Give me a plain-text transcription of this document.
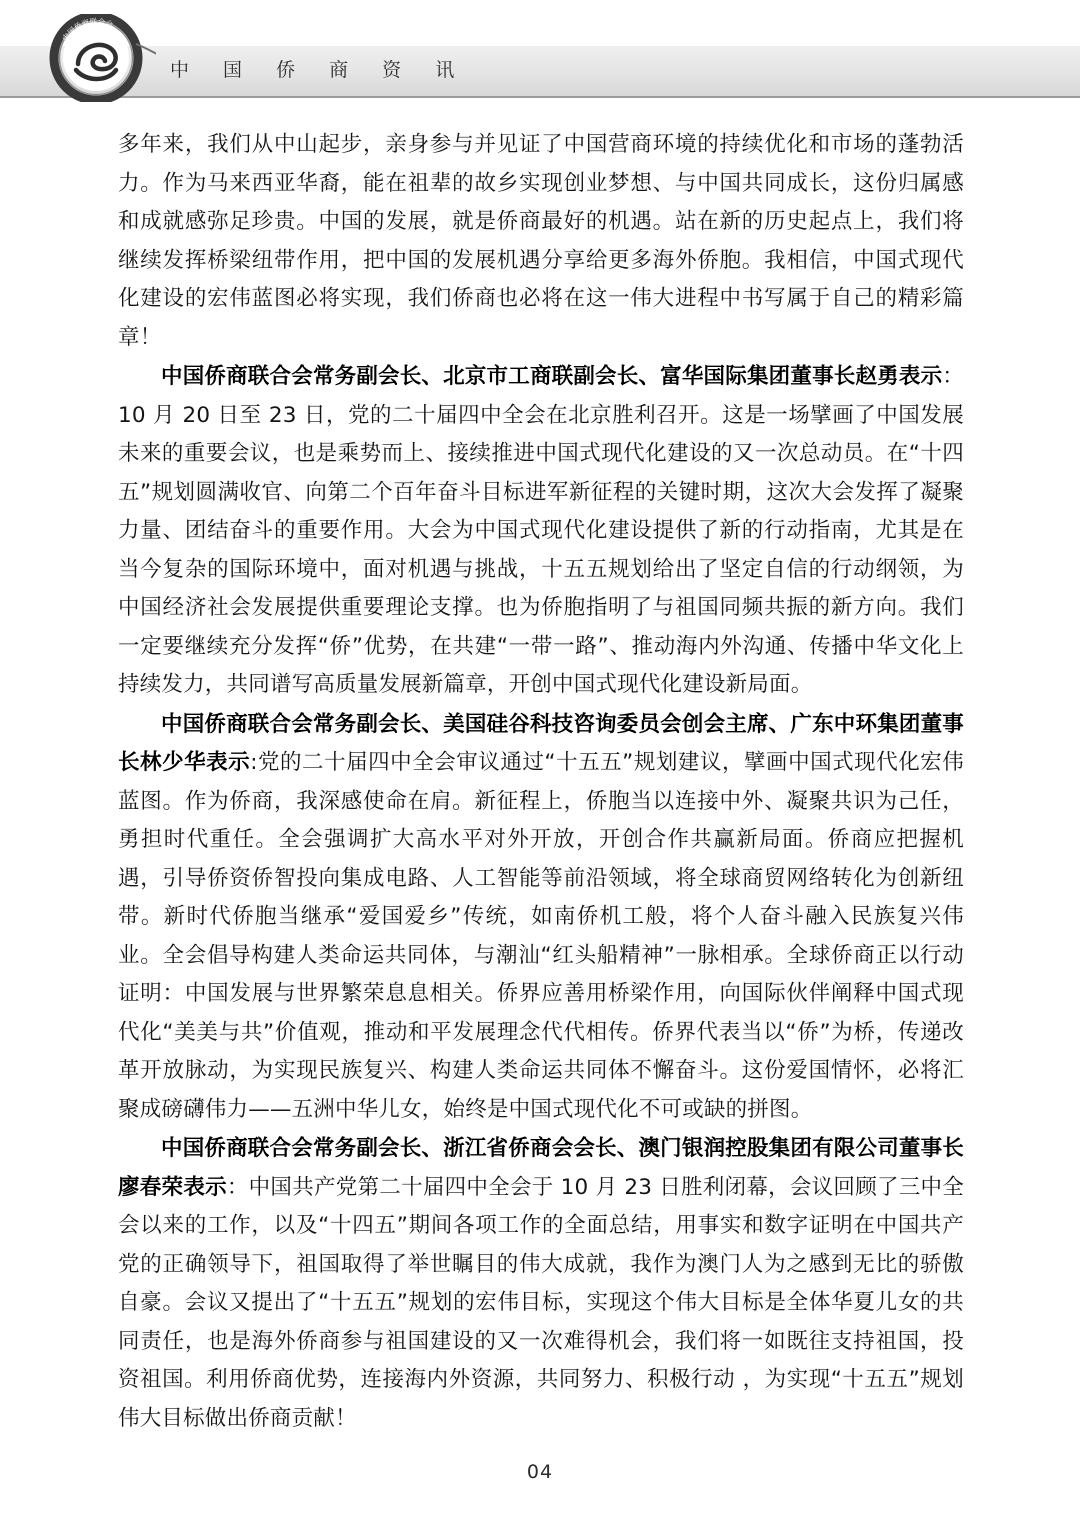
中国侨商联合会
中 国 侨 商 资 讯

多年来，我们从中山起步，亲身参与并见证了中国营商环境的持续优化和市场的蓬勃活力。作为马来西亚华裔，能在祖辈的故乡实现创业梦想、与中国共同成长，这份归属感和成就感弥足珍贵。中国的发展，就是侨商最好的机遇。站在新的历史起点上，我们将继续发挥桥梁纽带作用，把中国的发展机遇分享给更多海外侨胞。我相信，中国式现代化建设的宏伟蓝图必将实现，我们侨商也必将在这一伟大进程中书写属于自己的精彩篇章！

中国侨商联合会常务副会长、北京市工商联副会长、富华国际集团董事长赵勇表示：10 月 20 日至 23 日，党的二十届四中全会在北京胜利召开。这是一场擘画了中国发展未来的重要会议，也是乘势而上、接续推进中国式现代化建设的又一次总动员。在“十四五”规划圆满收官、向第二个百年奋斗目标进军新征程的关键时期，这次大会发挥了凝聚力量、团结奋斗的重要作用。大会为中国式现代化建设提供了新的行动指南，尤其是在当今复杂的国际环境中，面对机遇与挑战，十五五规划给出了坚定自信的行动纲领，为中国经济社会发展提供重要理论支撑。也为侨胞指明了与祖国同频共振的新方向。我们一定要继续充分发挥“侨”优势，在共建“一带一路”、推动海内外沟通、传播中华文化上持续发力，共同谱写高质量发展新篇章，开创中国式现代化建设新局面。

中国侨商联合会常务副会长、美国硅谷科技咨询委员会创会主席、广东中环集团董事长林少华表示:党的二十届四中全会审议通过“十五五”规划建议，擘画中国式现代化宏伟蓝图。作为侨商，我深感使命在肩。新征程上，侨胞当以连接中外、凝聚共识为己任，勇担时代重任。全会强调扩大高水平对外开放，开创合作共赢新局面。侨商应把握机遇，引导侨资侨智投向集成电路、人工智能等前沿领域，将全球商贸网络转化为创新纽带。新时代侨胞当继承“爱国爱乡”传统，如南侨机工般，将个人奋斗融入民族复兴伟业。全会倡导构建人类命运共同体，与潮汕“红头船精神”一脉相承。全球侨商正以行动证明：中国发展与世界繁荣息息相关。侨界应善用桥梁作用，向国际伙伴阐释中国式现代化“美美与共”价值观，推动和平发展理念代代相传。侨界代表当以“侨”为桥，传递改革开放脉动，为实现民族复兴、构建人类命运共同体不懈奋斗。这份爱国情怀，必将汇聚成磅礴伟力——五洲中华儿女，始终是中国式现代化不可或缺的拼图。

中国侨商联合会常务副会长、浙江省侨商会会长、澳门银润控股集团有限公司董事长廖春荣表示：中国共产党第二十届四中全会于 10 月 23 日胜利闭幕，会议回顾了三中全会以来的工作，以及“十四五”期间各项工作的全面总结，用事实和数字证明在中国共产党的正确领导下，祖国取得了举世瞩目的伟大成就，我作为澳门人为之感到无比的骄傲自豪。会议又提出了“十五五”规划的宏伟目标，实现这个伟大目标是全体华夏儿女的共同责任，也是海外侨商参与祖国建设的又一次难得机会，我们将一如既往支持祖国，投资祖国。利用侨商优势，连接海内外资源，共同努力、积极行动 ，为实现“十五五”规划伟大目标做出侨商贡献！

04
